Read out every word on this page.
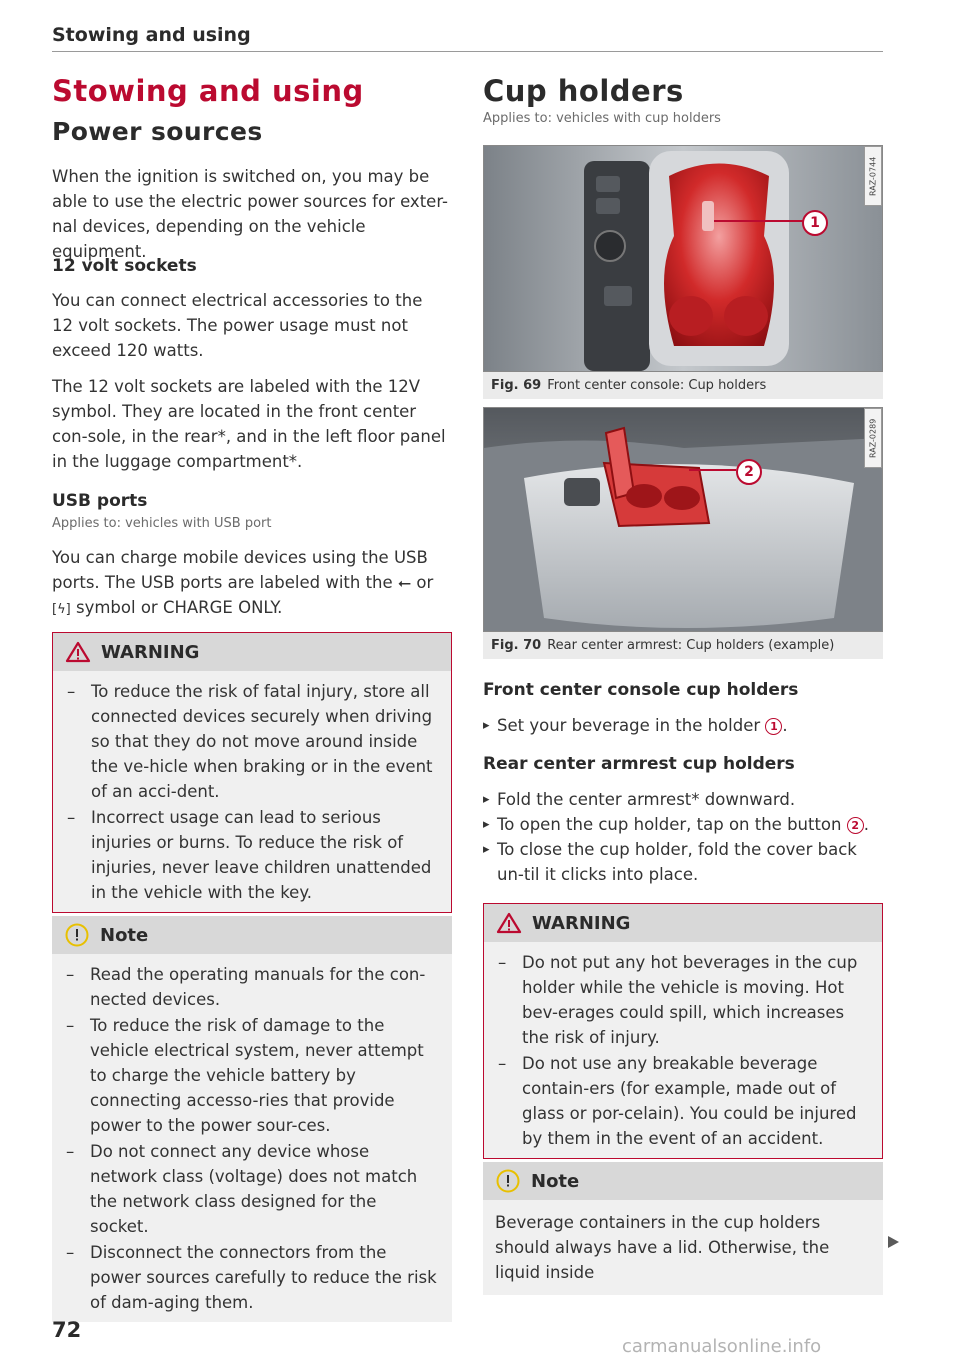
Stowing and using
Stowing and using
Power sources

When the ignition is switched on, you may be able to use the electric power sources for exter-nal devices, depending on the vehicle equipment.

12 volt sockets

You can connect electrical accessories to the 12 volt sockets. The power usage must not exceed 120 watts.

The 12 volt sockets are labeled with the 12V symbol. They are located in the front center con-sole, in the rear*, and in the left floor panel in the luggage compartment*.

USB ports
Applies to: vehicles with USB port

You can charge mobile devices using the USB ports. The USB ports are labeled with the ⭠ or
[ϟ] symbol or CHARGE ONLY.

WARNING
– To reduce the risk of fatal injury, store all connected devices securely when driving so that they do not move around inside the ve-hicle when braking or in the event of an acci-dent.
– Incorrect usage can lead to serious injuries or burns. To reduce the risk of injuries, never leave children unattended in the vehicle with the key.
Note
– Read the operating manuals for the con-nected devices.
– To reduce the risk of damage to the vehicle electrical system, never attempt to charge the vehicle battery by connecting accesso-ries that provide power to the power sour-ces.
– Do not connect any device whose network class (voltage) does not match the network class designed for the socket.
– Disconnect the connectors from the power sources carefully to reduce the risk of dam-aging them.
Cup holders
Applies to: vehicles with cup holders
1
RAZ-0744
Fig. 69 Front center console: Cup holders
2
RAZ-0289
Fig. 70 Rear center armrest: Cup holders (example)
Front center console cup holders
▸ Set your beverage in the holder 1 .
Rear center armrest cup holders
▸ Fold the center armrest* downward.
▸ To open the cup holder, tap on the button 2 .
▸ To close the cup holder, fold the cover back un-til it clicks into place.
WARNING
– Do not put any hot beverages in the cup holder while the vehicle is moving. Hot bev-erages could spill, which increases the risk of injury.
– Do not use any breakable beverage contain-ers (for example, made out of glass or por-celain). You could be injured by them in the event of an accident.
Note
Beverage containers in the cup holders should always have a lid. Otherwise, the liquid inside
72
carmanualsonline.info
